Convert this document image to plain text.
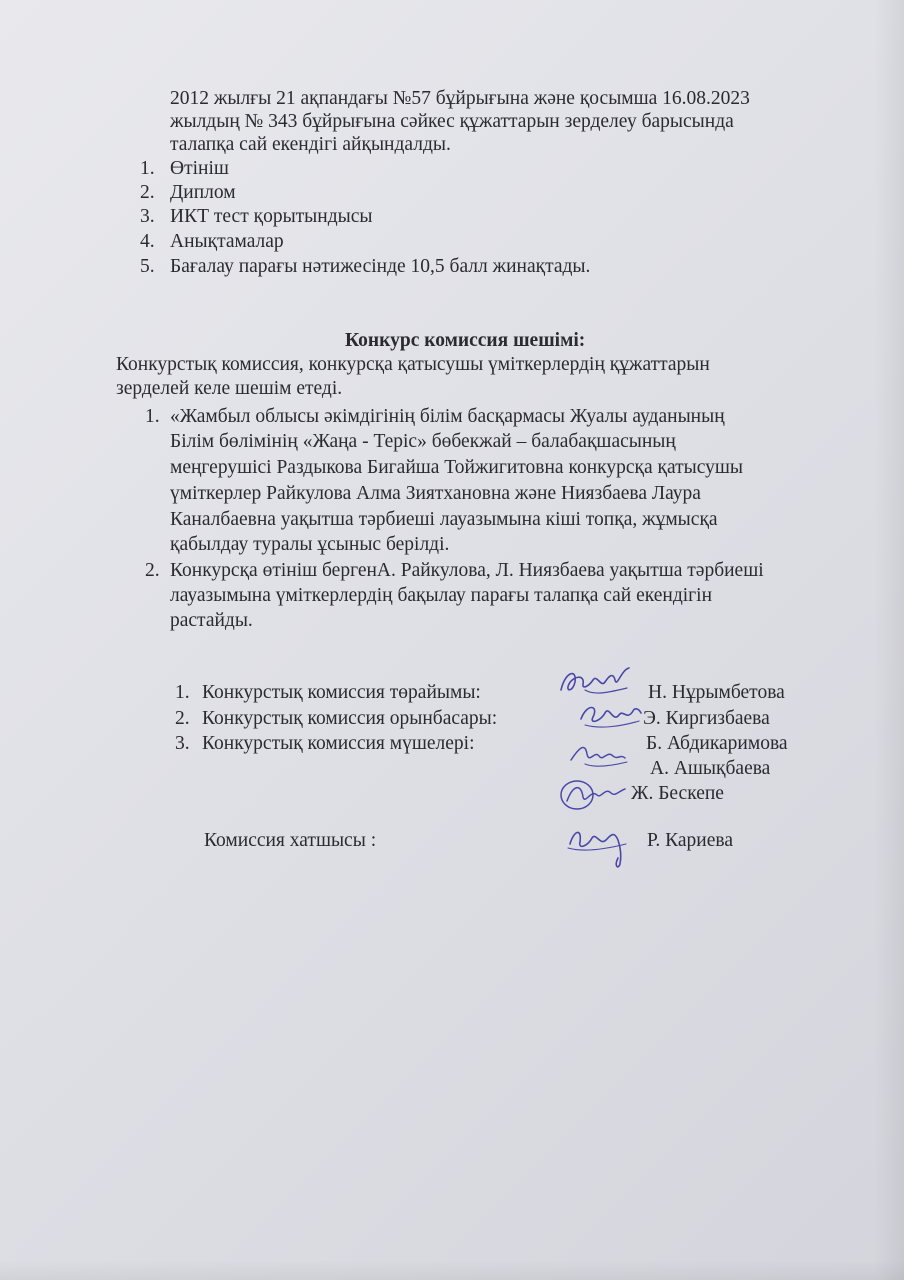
2012 жылғы 21 ақпандағы №57 бұйрығына және қосымша 16.08.2023
жылдың № 343 бұйрығына сәйкес құжаттарын зерделеу барысында
талапқа сай екендігі айқындалды.
1. Өтініш
2. Диплом
3. ИКТ тест қорытындысы
4. Анықтамалар
5. Бағалау парағы нәтижесінде 10,5 балл жинақтады.
Конкурс комиссия шешімі:
Конкурстық комиссия, конкурсқа қатысушы үміткерлердің құжаттарын
зерделей келе шешім етеді.
1. «Жамбыл облысы әкімдігінің білім басқармасы Жуалы ауданының
Білім бөлімінің «Жаңа - Теріс» бөбекжай – балабақшасының
меңгерушісі Раздыкова Бигайша Тойжигитовна конкурсқа қатысушы
үміткерлер Райкулова Алма Зиятхановна және Ниязбаева Лаура
Каналбаевна уақытша тәрбиеші лауазымына кіші топқа, жұмысқа
қабылдау туралы ұсыныс берілді.
2. Конкурсқа өтініш бергенА. Райкулова, Л. Ниязбаева уақытша тәрбиеші
лауазымына үміткерлердің бақылау парағы талапқа сай екендігін
растайды.
1. Конкурстық комиссия төрайымы:	Н. Нұрымбетова
2. Конкурстық комиссия орынбасары:	Э. Киргизбаева
3. Конкурстық комиссия мүшелері:	Б. Абдикаримова
А. Ашықбаева
Ж. Бескепе
Комиссия хатшысы :	Р. Кариева
